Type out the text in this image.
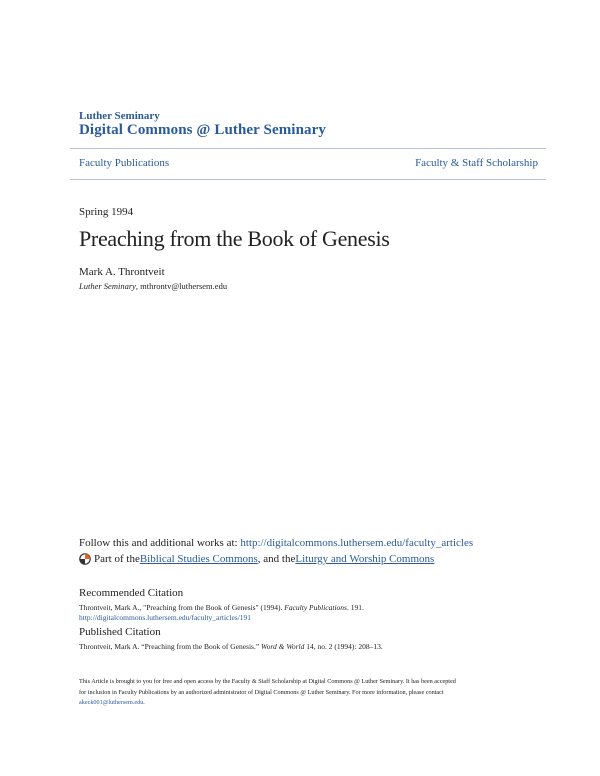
Luther Seminary
Digital Commons @ Luther Seminary
Faculty Publications	Faculty & Staff Scholarship
Spring 1994
Preaching from the Book of Genesis
Mark A. Throntveit
Luther Seminary, mthrontv@luthersem.edu
Follow this and additional works at: http://digitalcommons.luthersem.edu/faculty_articles
Part of the Biblical Studies Commons , and the Liturgy and Worship Commons
Recommended Citation
Throntveit, Mark A., "Preaching from the Book of Genesis" (1994). Faculty Publications. 191.
http://digitalcommons.luthersem.edu/faculty_articles/191
Published Citation
Throntveit, Mark A. “Preaching from the Book of Genesis.” Word & World 14, no. 2 (1994): 208–13.
This Article is brought to you for free and open access by the Faculty & Staff Scholarship at Digital Commons @ Luther Seminary. It has been accepted
for inclusion in Faculty Publications by an authorized administrator of Digital Commons @ Luther Seminary. For more information, please contact
akeck001@luthersem.edu.
